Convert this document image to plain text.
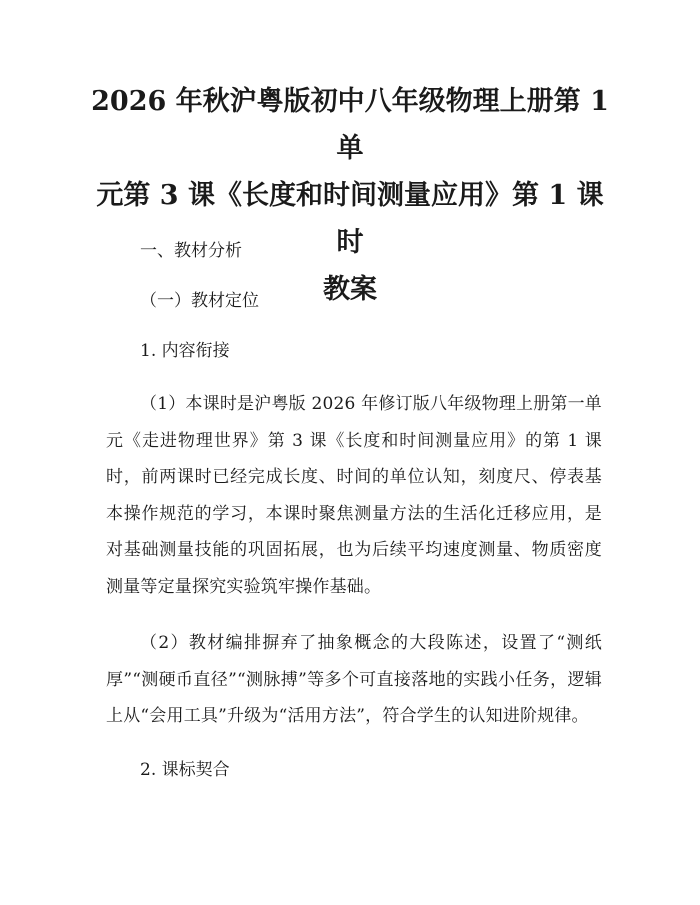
2026 年秋沪粤版初中八年级物理上册第 1 单
元第 3 课《长度和时间测量应用》第 1 课时
教案

一、教材分析

（一）教材定位

1. 内容衔接

（1）本课时是沪粤版 2026 年修订版八年级物理上册第一单元《走进物理世界》第 3 课《长度和时间测量应用》的第 1 课时，前两课时已经完成长度、时间的单位认知，刻度尺、停表基本操作规范的学习，本课时聚焦测量方法的生活化迁移应用，是对基础测量技能的巩固拓展，也为后续平均速度测量、物质密度测量等定量探究实验筑牢操作基础。

（2）教材编排摒弃了抽象概念的大段陈述，设置了“测纸厚”“测硬币直径”“测脉搏”等多个可直接落地的实践小任务，逻辑上从“会用工具”升级为“活用方法”，符合学生的认知进阶规律。

2. 课标契合
